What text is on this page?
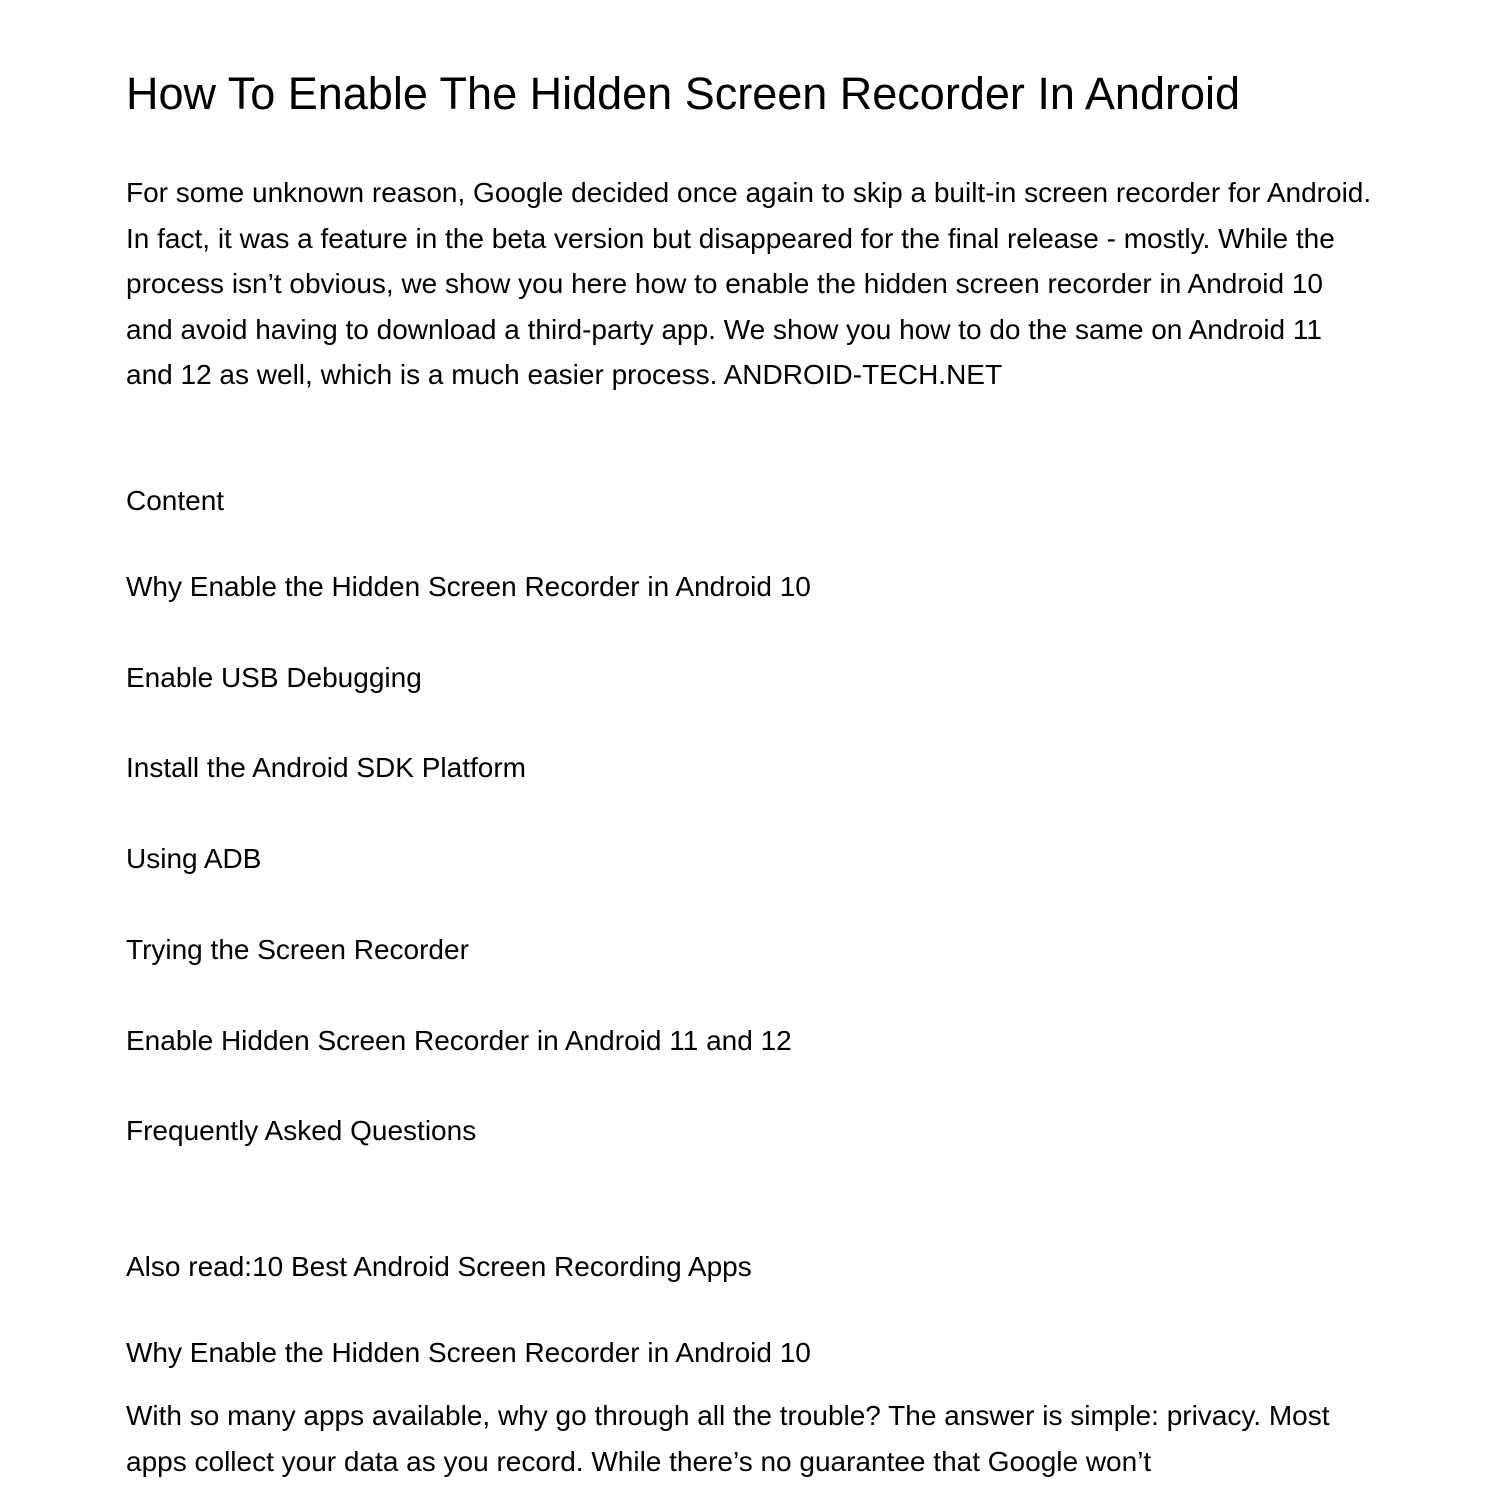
How To Enable The Hidden Screen Recorder In Android

For some unknown reason, Google decided once again to skip a built-in screen recorder for Android. In fact, it was a feature in the beta version but disappeared for the final release - mostly. While the process isn’t obvious, we show you here how to enable the hidden screen recorder in Android 10 and avoid having to download a third-party app. We show you how to do the same on Android 11 and 12 as well, which is a much easier process. ANDROID-TECH.NET

Content

Why Enable the Hidden Screen Recorder in Android 10

Enable USB Debugging

Install the Android SDK Platform

Using ADB

Trying the Screen Recorder

Enable Hidden Screen Recorder in Android 11 and 12

Frequently Asked Questions

Also read:10 Best Android Screen Recording Apps

Why Enable the Hidden Screen Recorder in Android 10

With so many apps available, why go through all the trouble? The answer is simple: privacy. Most apps collect your data as you record. While there’s no guarantee that Google won’t
